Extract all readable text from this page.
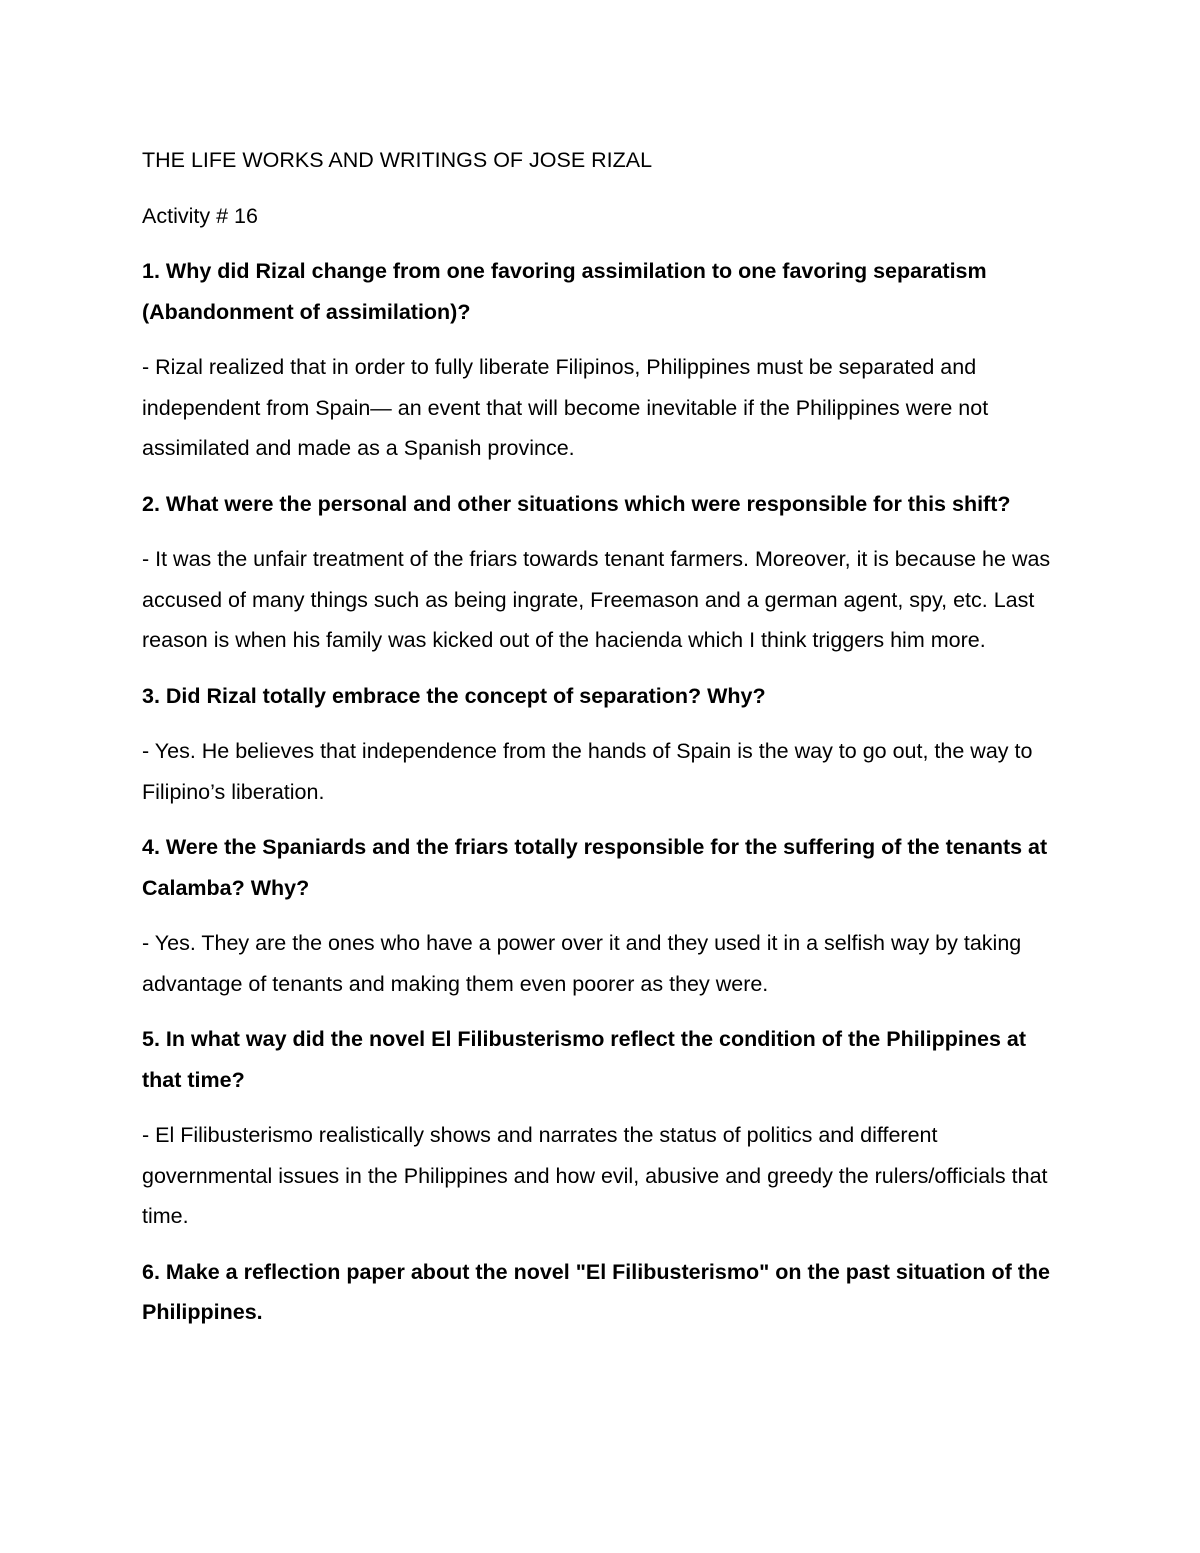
THE LIFE WORKS AND WRITINGS OF JOSE RIZAL

Activity # 16

1. Why did Rizal change from one favoring assimilation to one favoring separatism (Abandonment of assimilation)?

- Rizal realized that in order to fully liberate Filipinos, Philippines must be separated and independent from Spain— an event that will become inevitable if the Philippines were not assimilated and made as a Spanish province.

2. What were the personal and other situations which were responsible for this shift?

- It was the unfair treatment of the friars towards tenant farmers. Moreover, it is because he was accused of many things such as being ingrate, Freemason and a german agent, spy, etc. Last reason is when his family was kicked out of the hacienda which I think triggers him more.

3. Did Rizal totally embrace the concept of separation? Why?

- Yes. He believes that independence from the hands of Spain is the way to go out, the way to Filipino’s liberation.

4. Were the Spaniards and the friars totally responsible for the suffering of the tenants at Calamba? Why?

- Yes. They are the ones who have a power over it and they used it in a selfish way by taking advantage of tenants and making them even poorer as they were.

5. In what way did the novel El Filibusterismo reflect the condition of the Philippines at that time?

- El Filibusterismo realistically shows and narrates the status of politics and different governmental issues in the Philippines and how evil, abusive and greedy the rulers/officials that time.

6. Make a reflection paper about the novel "El Filibusterismo" on the past situation of the Philippines.
